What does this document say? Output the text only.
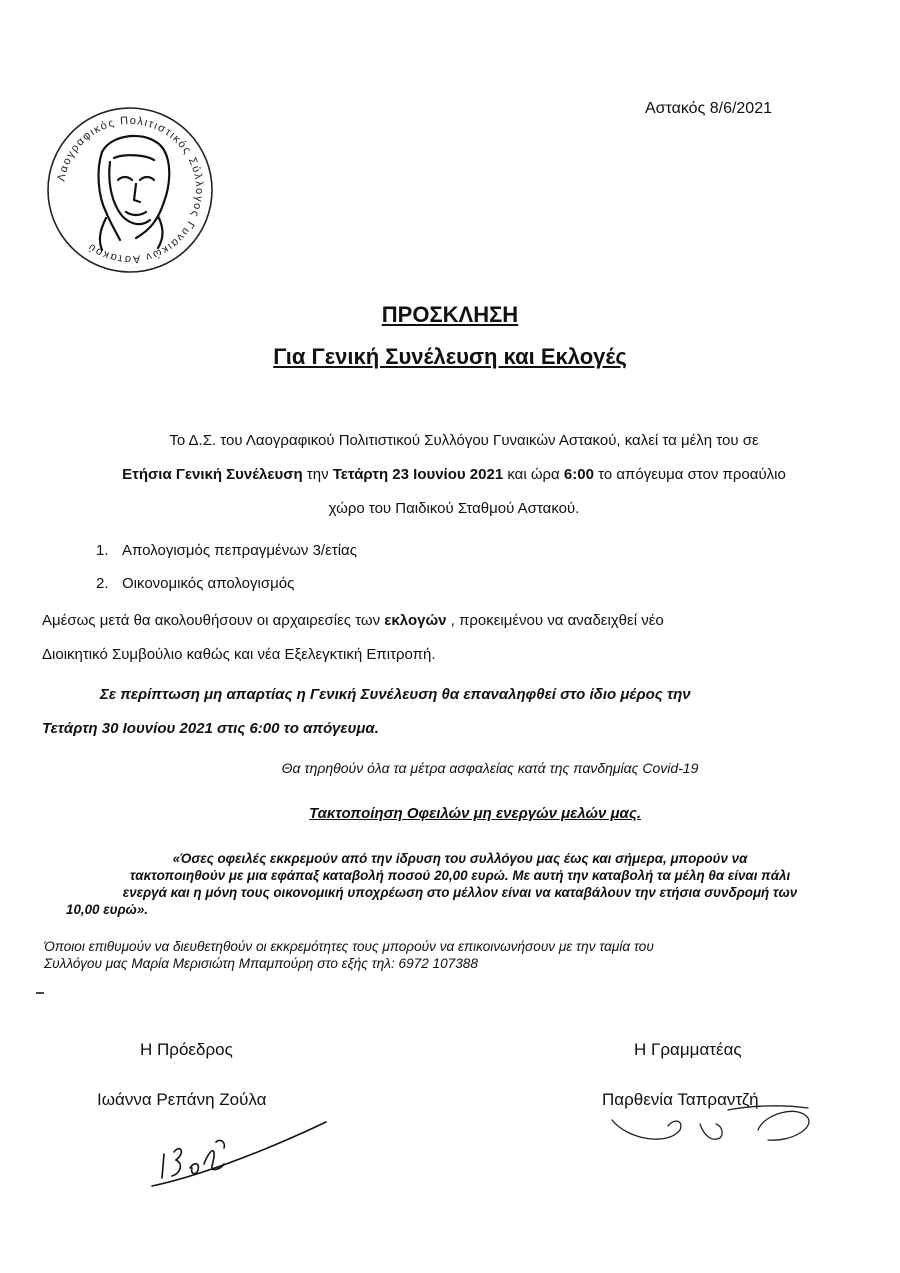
Λαογραφικός Πολιτιστικός Σύλλογος Γυναικών Αστακού
Αστακός 8/6/2021
ΠΡΟΣΚΛΗΣΗ
Για Γενική Συνέλευση και Εκλογές
Το Δ.Σ. του Λαογραφικού Πολιτιστικού Συλλόγου Γυναικών Αστακού, καλεί τα μέλη του σε
Ετήσια Γενική Συνέλευση την Τετάρτη 23 Ιουνίου 2021 και ώρα 6:00 το απόγευμα στον προαύλιο
χώρο του Παιδικού Σταθμού Αστακού.
1. Απολογισμός πεπραγμένων 3/ετίας
2. Οικονομικός απολογισμός
Αμέσως μετά θα ακολουθήσουν οι αρχαιρεσίες των εκλογών , προκειμένου να αναδειχθεί νέο
Διοικητικό Συμβούλιο καθώς και νέα Εξελεγκτική Επιτροπή.
Σε περίπτωση μη απαρτίας η Γενική Συνέλευση θα επαναληφθεί στο ίδιο μέρος την
Τετάρτη 30 Ιουνίου 2021 στις 6:00 το απόγευμα.
Θα τηρηθούν όλα τα μέτρα ασφαλείας κατά της πανδημίας Covid-19
Τακτοποίηση Οφειλών μη ενεργών μελών μας.
«Όσες οφειλές εκκρεμούν από την ίδρυση του συλλόγου μας έως και σήμερα, μπορούν να
τακτοποιηθούν με μια εφάπαξ καταβολή ποσού 20,00 ευρώ. Με αυτή την καταβολή τα μέλη θα είναι πάλι
ενεργά και η μόνη τους οικονομική υποχρέωση στο μέλλον είναι να καταβάλουν την ετήσια συνδρομή των
10,00 ευρώ».
Όποιοι επιθυμούν να διευθετηθούν οι εκκρεμότητες τους μπορούν να επικοινωνήσουν με την ταμία του
Συλλόγου μας Μαρία Μερισιώτη Μπαμπούρη στο εξής τηλ: 6972 107388
Η Πρόεδρος	Η Γραμματέας
Ιωάννα Ρεπάνη Ζούλα	Παρθενία Ταπραντζή
